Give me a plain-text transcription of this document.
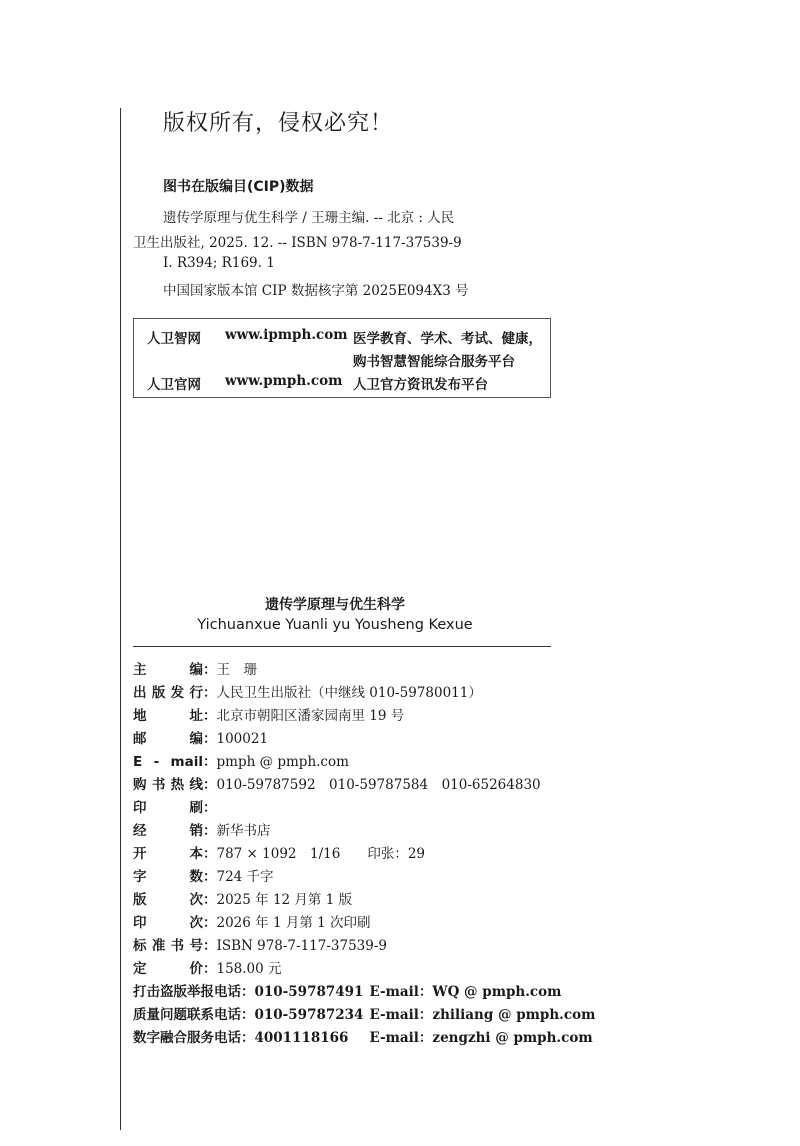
版权所有，侵权必究！
图书在版编目(CIP)数据
遗传学原理与优生科学 / 王珊主编. -- 北京 : 人民
卫生出版社, 2025. 12. -- ISBN 978-7-117-37539-9
Ⅰ. R394; R169. 1
中国国家版本馆 CIP 数据核字第 2025E094X3 号
人卫智网 www.ipmph.com 医学教育、学术、考试、健康，
购书智慧智能综合服务平台
人卫官网 www.pmph.com 人卫官方资讯发布平台
遗传学原理与优生科学
Yichuanxue Yuanli yu Yousheng Kexue
主编：王　珊
出版发行：人民卫生出版社（中继线 010-59780011）
地址：北京市朝阳区潘家园南里 19 号
邮编：100021
E - mail：pmph @ pmph.com
购书热线：010-59787592　010-59787584　010-65264830
印刷：
经销：新华书店
开本：787 × 1092　1/16　　印张：29
字数：724 千字
版次：2025 年 12 月第 1 版
印次：2026 年 1 月第 1 次印刷
标准书号：ISBN 978-7-117-37539-9
定价：158.00 元
打击盗版举报电话：010-59787491 E-mail：WQ @ pmph.com
质量问题联系电话：010-59787234 E-mail：zhiliang @ pmph.com
数字融合服务电话：4001118166 E-mail：zengzhi @ pmph.com
